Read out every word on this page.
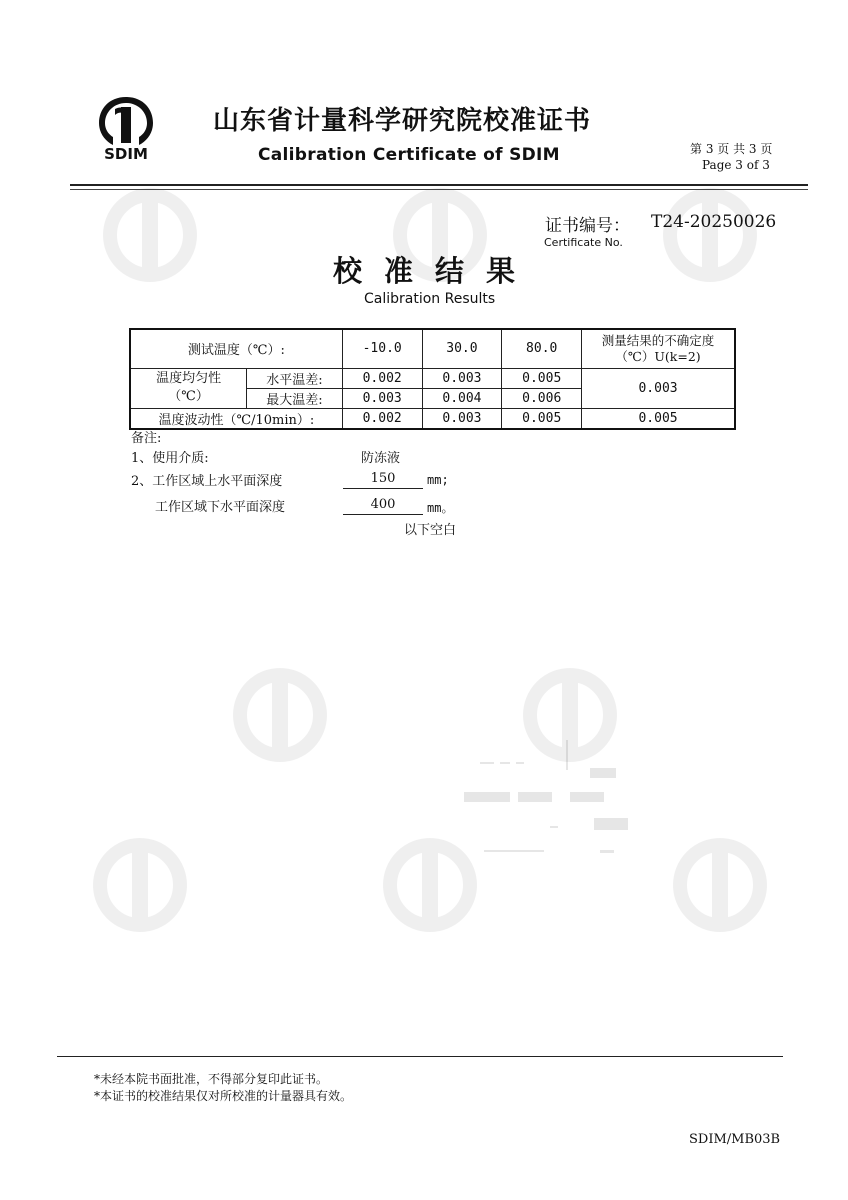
SDIM
山东省计量科学研究院校准证书
Calibration Certificate of SDIM	第 3 页 共 3 页
Page 3 of 3
证书编号： T24-20250026
Certificate No.
校准结果
Calibration Results
测试温度（℃）:		-10.0	30.0	80.0	测量结果的不确定度
（℃）U(k=2)

温度均匀性
（℃）	水平温差:	0.002	0.003	0.005	0.003
	最大温差:	0.003	0.004	0.006	
温度波动性（℃/10min）:		0.002	0.003	0.005	0.005
备注:
1、使用介质:	防冻液
2、工作区域上水平面深度	150	mm;
工作区域下水平面深度	400	mm。
以下空白
*未经本院书面批准，不得部分复印此证书。
*本证书的校准结果仅对所校准的计量器具有效。
SDIM/MB03B
